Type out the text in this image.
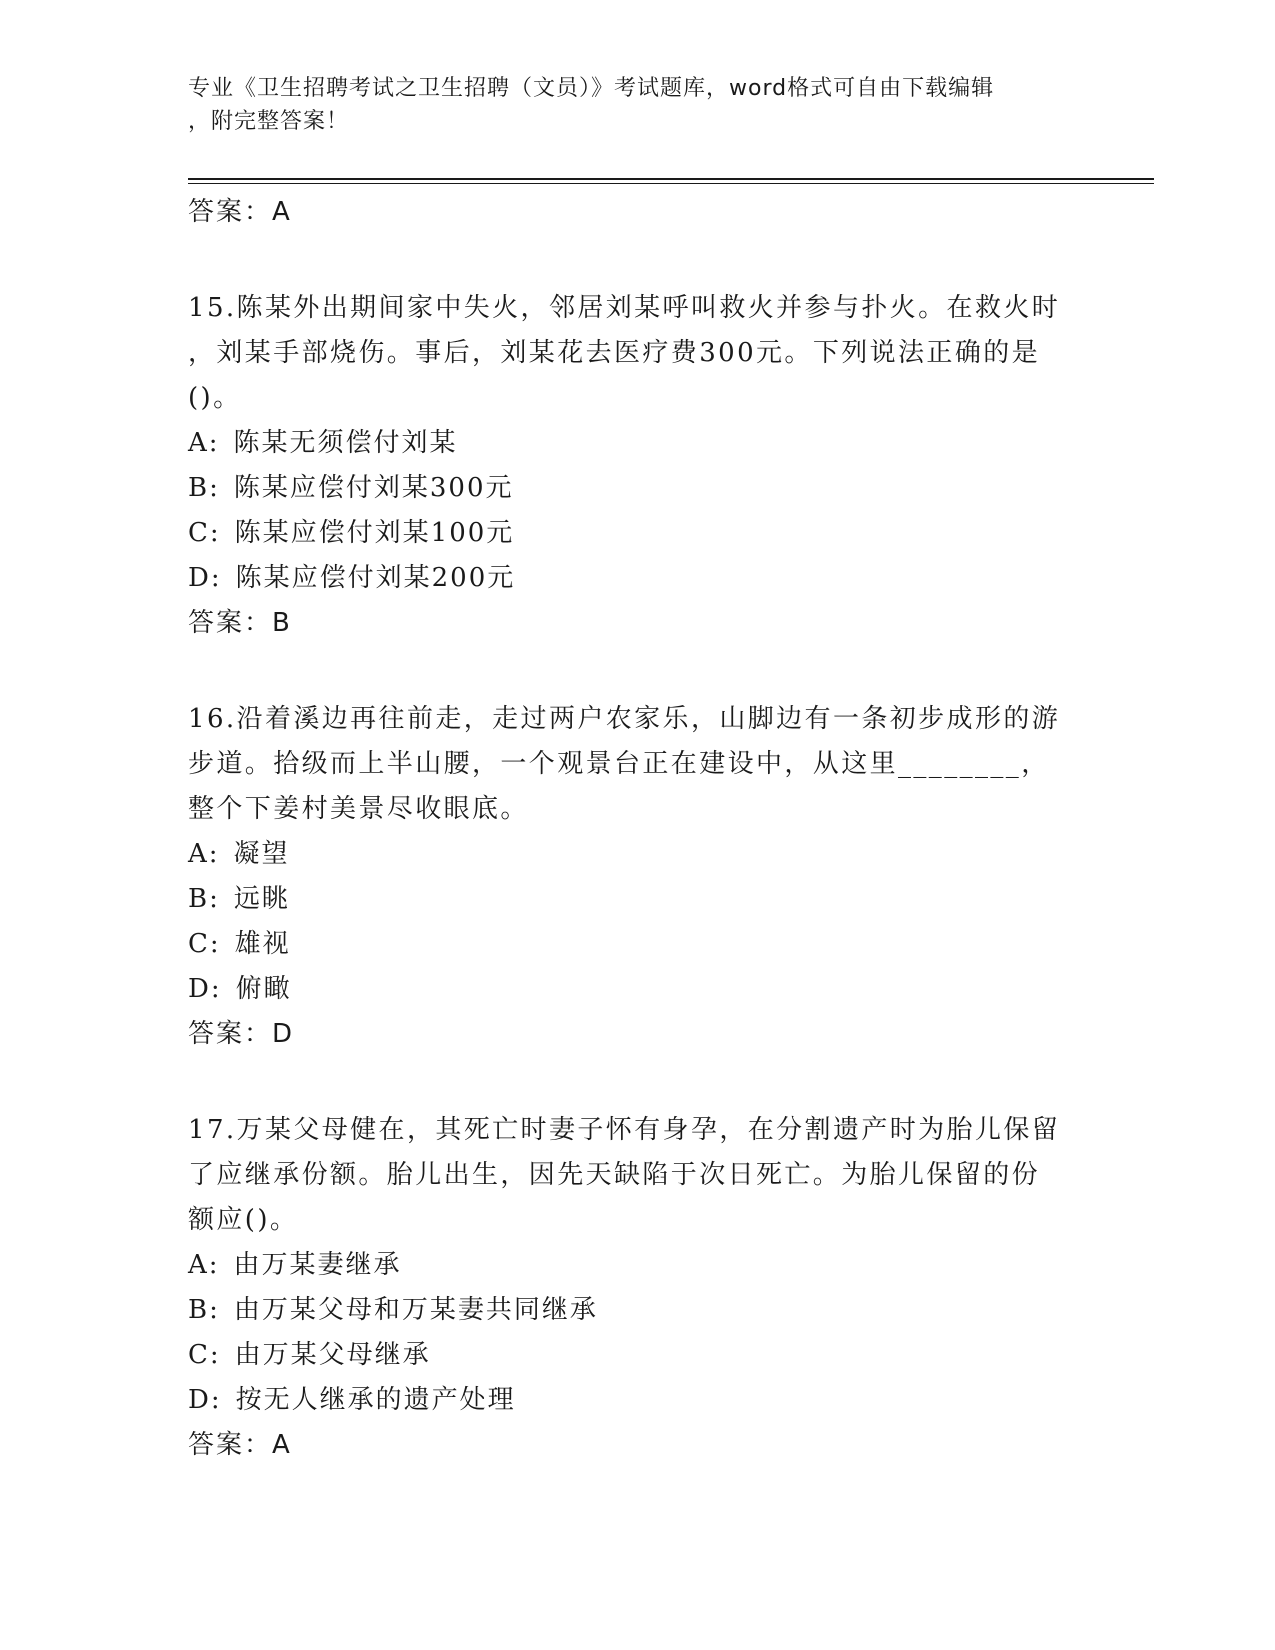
专业《卫生招聘考试之卫生招聘（文员）》考试题库，word格式可自由下载编辑
，附完整答案！
答案：A
15.陈某外出期间家中失火，邻居刘某呼叫救火并参与扑火。在救火时
，刘某手部烧伤。事后，刘某花去医疗费300元。下列说法正确的是
()。
A: 陈某无须偿付刘某
B: 陈某应偿付刘某300元
C: 陈某应偿付刘某100元
D: 陈某应偿付刘某200元
答案：B
16.沿着溪边再往前走，走过两户农家乐，山脚边有一条初步成形的游
步道。拾级而上半山腰，一个观景台正在建设中，从这里________，
整个下姜村美景尽收眼底。
A: 凝望
B: 远眺
C: 雄视
D: 俯瞰
答案：D
17.万某父母健在，其死亡时妻子怀有身孕，在分割遗产时为胎儿保留
了应继承份额。胎儿出生，因先天缺陷于次日死亡。为胎儿保留的份
额应()。
A: 由万某妻继承
B: 由万某父母和万某妻共同继承
C: 由万某父母继承
D: 按无人继承的遗产处理
答案：A
